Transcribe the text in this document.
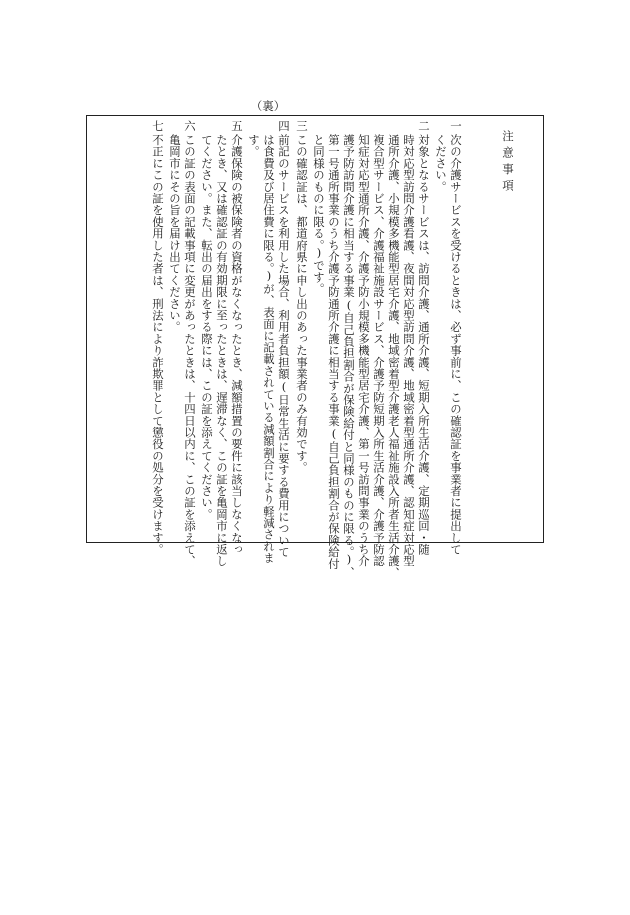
（裏）
注意事項
一
次の介護サービスを受けるときは、必ず事前に、この確認証を事業者に提出して
ください。
二
対象となるサービスは、訪問介護、通所介護、短期入所生活介護、定期巡回・随
時対応型訪問介護看護、夜間対応型訪問介護、地域密着型通所介護、認知症対応型
通所介護、小規模多機能型居宅介護、地域密着型介護老人福祉施設入所者生活介護、
複合型サービス、介護福祉施設サービス、介護予防短期入所生活介護、介護予防認
知症対応型通所介護、介護予防小規模多機能型居宅介護、第一号訪問事業のうち介
護予防訪問介護に相当する事業(自己負担割合が保険給付と同様のものに限る。)、
第一号通所事業のうち介護予防通所介護に相当する事業(自己負担割合が保険給付
と同様のものに限る。)です。
三
この確認証は、都道府県に申し出のあった事業者のみ有効です。
四
前記のサービスを利用した場合、利用者負担額(日常生活に要する費用について
は食費及び居住費に限る。)が、表面に記載されている減額割合により軽減されま
す。
五
介護保険の被保険者の資格がなくなったとき、減額措置の要件に該当しなくなっ
たとき、又は確認証の有効期限に至ったときは、遅滞なく、この証を亀岡市に返し
てください。また、転出の届出をする際には、この証を添えてください。
六
この証の表面の記載事項に変更があったときは、十四日以内に、この証を添えて、
亀岡市にその旨を届け出てください。
七
不正にこの証を使用した者は、刑法により詐欺罪として懲役の処分を受けます。
